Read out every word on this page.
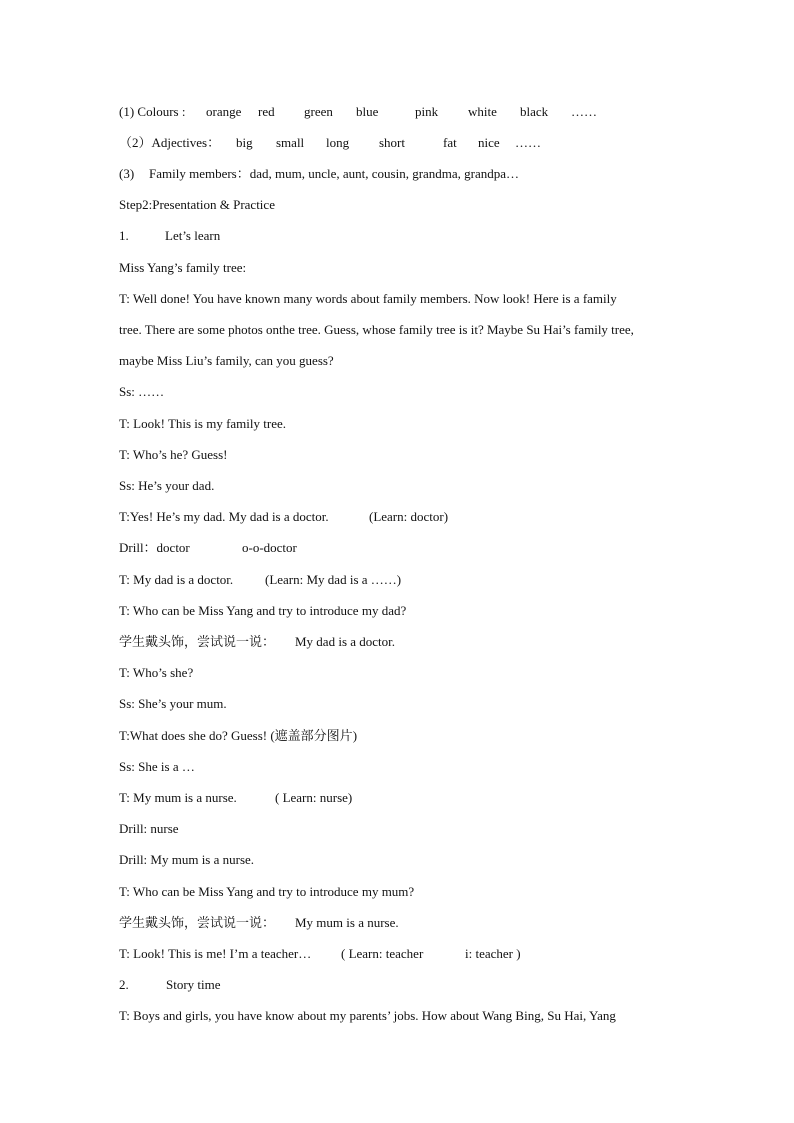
(1) Colours : orange red green blue	pink white black ……
（2）Adjectives： big small long short	fat nice ……
(3) Family members：dad, mum, uncle, aunt, cousin, grandma, grandpa…
Step2:Presentation & Practice
1.	Let’s learn
Miss Yang’s family tree:
T: Well done! You have known many words about family members. Now look! Here is a family
tree. There are some photos onthe tree. Guess, whose family tree is it? Maybe Su Hai’s family tree,
maybe Miss Liu’s family, can you guess?
Ss: ……
T: Look! This is my family tree.
T: Who’s he? Guess!
Ss: He’s your dad.
T:Yes! He’s my dad. My dad is a doctor.	(Learn: doctor)
Drill：doctor	o-o-doctor
T: My dad is a doctor. (Learn: My dad is a ……)
T: Who can be Miss Yang and try to introduce my dad?
学生戴头饰，尝试说一说： My dad is a doctor.
T: Who’s she?
Ss: She’s your mum.
T:What does she do? Guess! (遮盖部分图片)
Ss: She is a …
T: My mum is a nurse.	( Learn: nurse)
Drill: nurse
Drill: My mum is a nurse.
T: Who can be Miss Yang and try to introduce my mum?
学生戴头饰，尝试说一说： My mum is a nurse.
T: Look! This is me! I’m a teacher… ( Learn: teacher	i: teacher )
2.	Story time
T: Boys and girls, you have know about my parents’ jobs. How about Wang Bing, Su Hai, Yang
